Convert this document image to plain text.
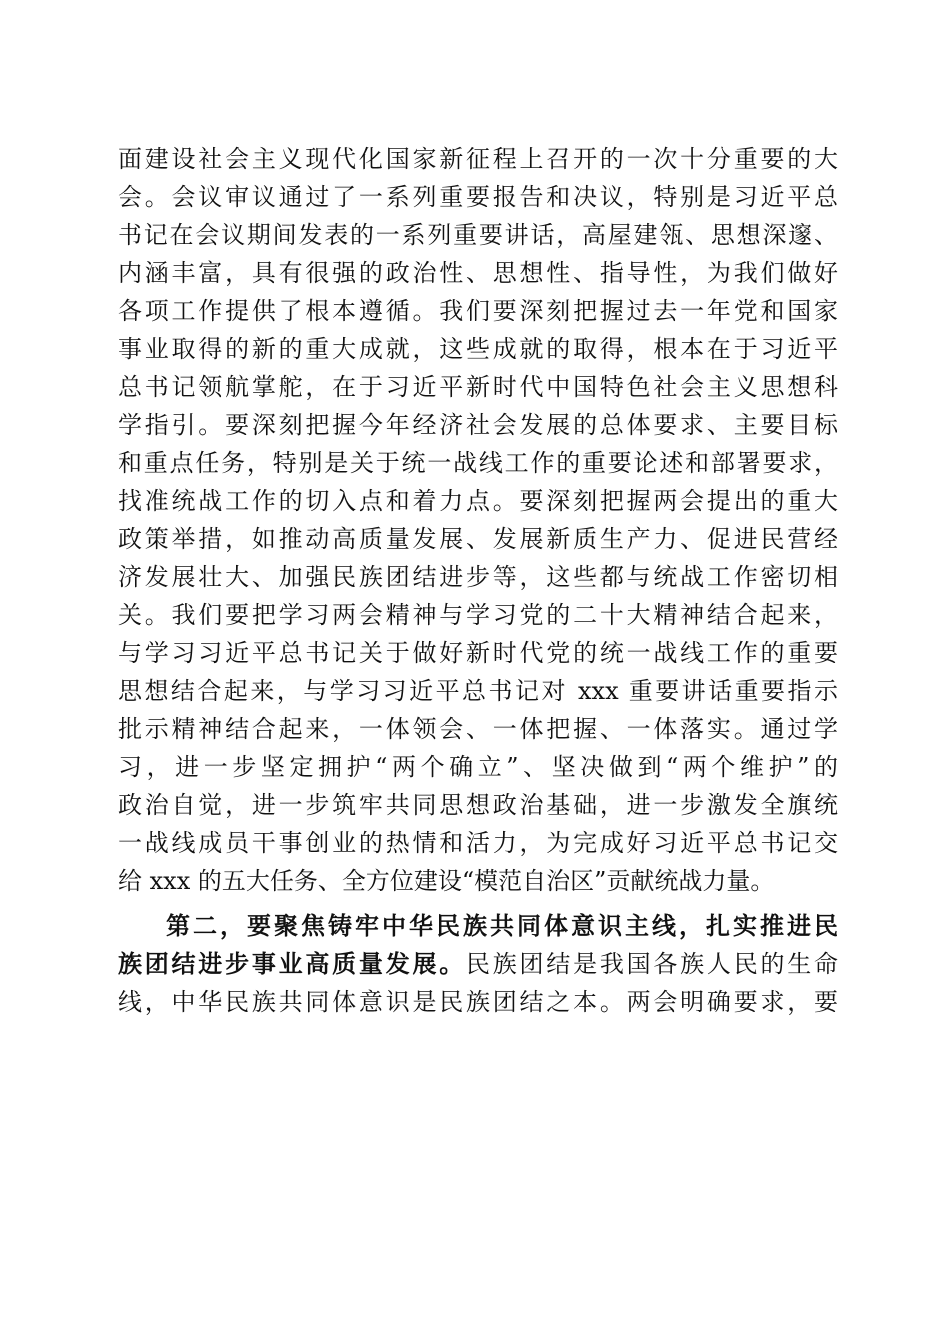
面建设社会主义现代化国家新征程上召开的一次十分重要的大

会。会议审议通过了一系列重要报告和决议，特别是习近平总

书记在会议期间发表的一系列重要讲话，高屋建瓴、思想深邃、

内涵丰富，具有很强的政治性、思想性、指导性，为我们做好

各项工作提供了根本遵循。我们要深刻把握过去一年党和国家

事业取得的新的重大成就，这些成就的取得，根本在于习近平

总书记领航掌舵，在于习近平新时代中国特色社会主义思想科

学指引。要深刻把握今年经济社会发展的总体要求、主要目标

和重点任务，特别是关于统一战线工作的重要论述和部署要求，

找准统战工作的切入点和着力点。要深刻把握两会提出的重大

政策举措，如推动高质量发展、发展新质生产力、促进民营经

济发展壮大、加强民族团结进步等，这些都与统战工作密切相

关。我们要把学习两会精神与学习党的二十大精神结合起来，

与学习习近平总书记关于做好新时代党的统一战线工作的重要

思想结合起来，与学习习近平总书记对 xxx 重要讲话重要指示

批示精神结合起来，一体领会、一体把握、一体落实。通过学

习，进一步坚定拥护“两个确立”、坚决做到“两个维护”的

政治自觉，进一步筑牢共同思想政治基础，进一步激发全旗统

一战线成员干事创业的热情和活力，为完成好习近平总书记交

给 xxx 的五大任务、全方位建设“模范自治区”贡献统战力量。

第二，要聚焦铸牢中华民族共同体意识主线，扎实推进民

族团结进步事业高质量发展。民族团结是我国各族人民的生命

线，中华民族共同体意识是民族团结之本。两会明确要求，要
